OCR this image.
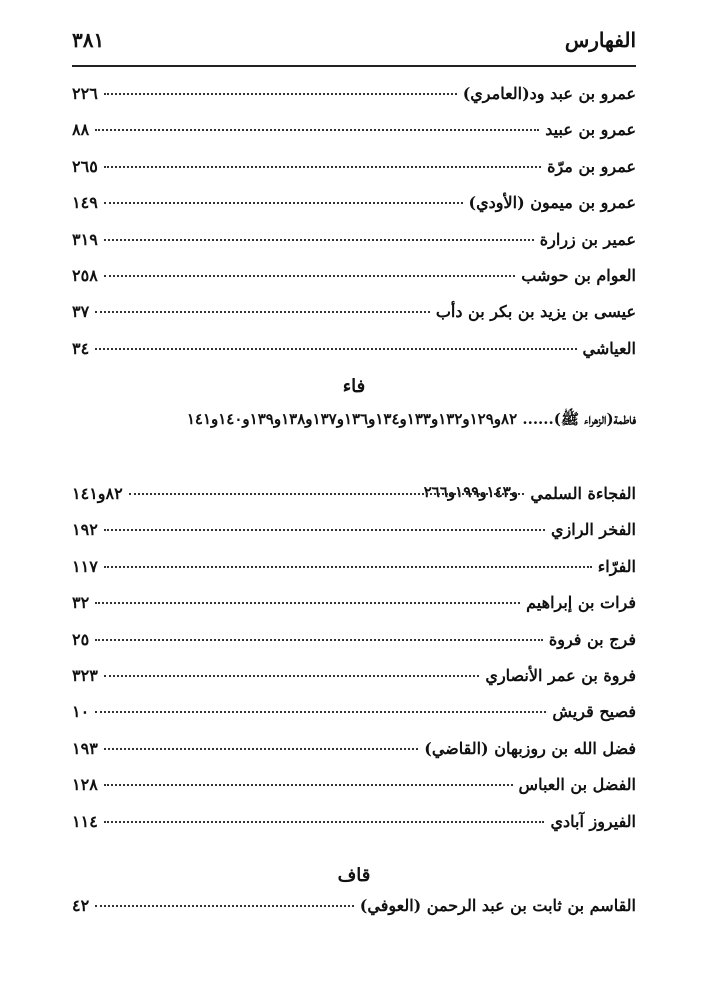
الفهارس
٣٨١
عمرو بن عبد ود(العامري)
٢٢٦
عمرو بن عبيد
٨٨
عمرو بن مرّة
٢٦٥
عمرو بن ميمون (الأودي)
١٤٩
عمير بن زرارة
٣١٩
العوام بن حوشب
٢٥٨
عيسى بن يزيد بن بكر بن دأب
٣٧
العياشي
٣٤
فاء
فاطمة(الزهراء ﷺ)...... ٨٢و١٢٩و١٣٢و١٣٣و١٣٤و١٣٦و١٣٧و١٣٨و١٣٩و١٤٠و١٤١
و١٤٣و١٩٩و٢٦٦ الفجاءة السلمي
٨٢و١٤١
الفخر الرازي
١٩٢
الفرّاء
١١٧
فرات بن إبراهيم
٣٢
فرج بن فروة
٢٥
فروة بن عمر الأنصاري
٣٢٣
فصيح قريش
١٠
فضل الله بن روزبهان (القاضي)
١٩٣
الفضل بن العباس
١٢٨
الفيروز آبادي
١١٤
قاف
القاسم بن ثابت بن عبد الرحمن (العوفي)
٤٢
